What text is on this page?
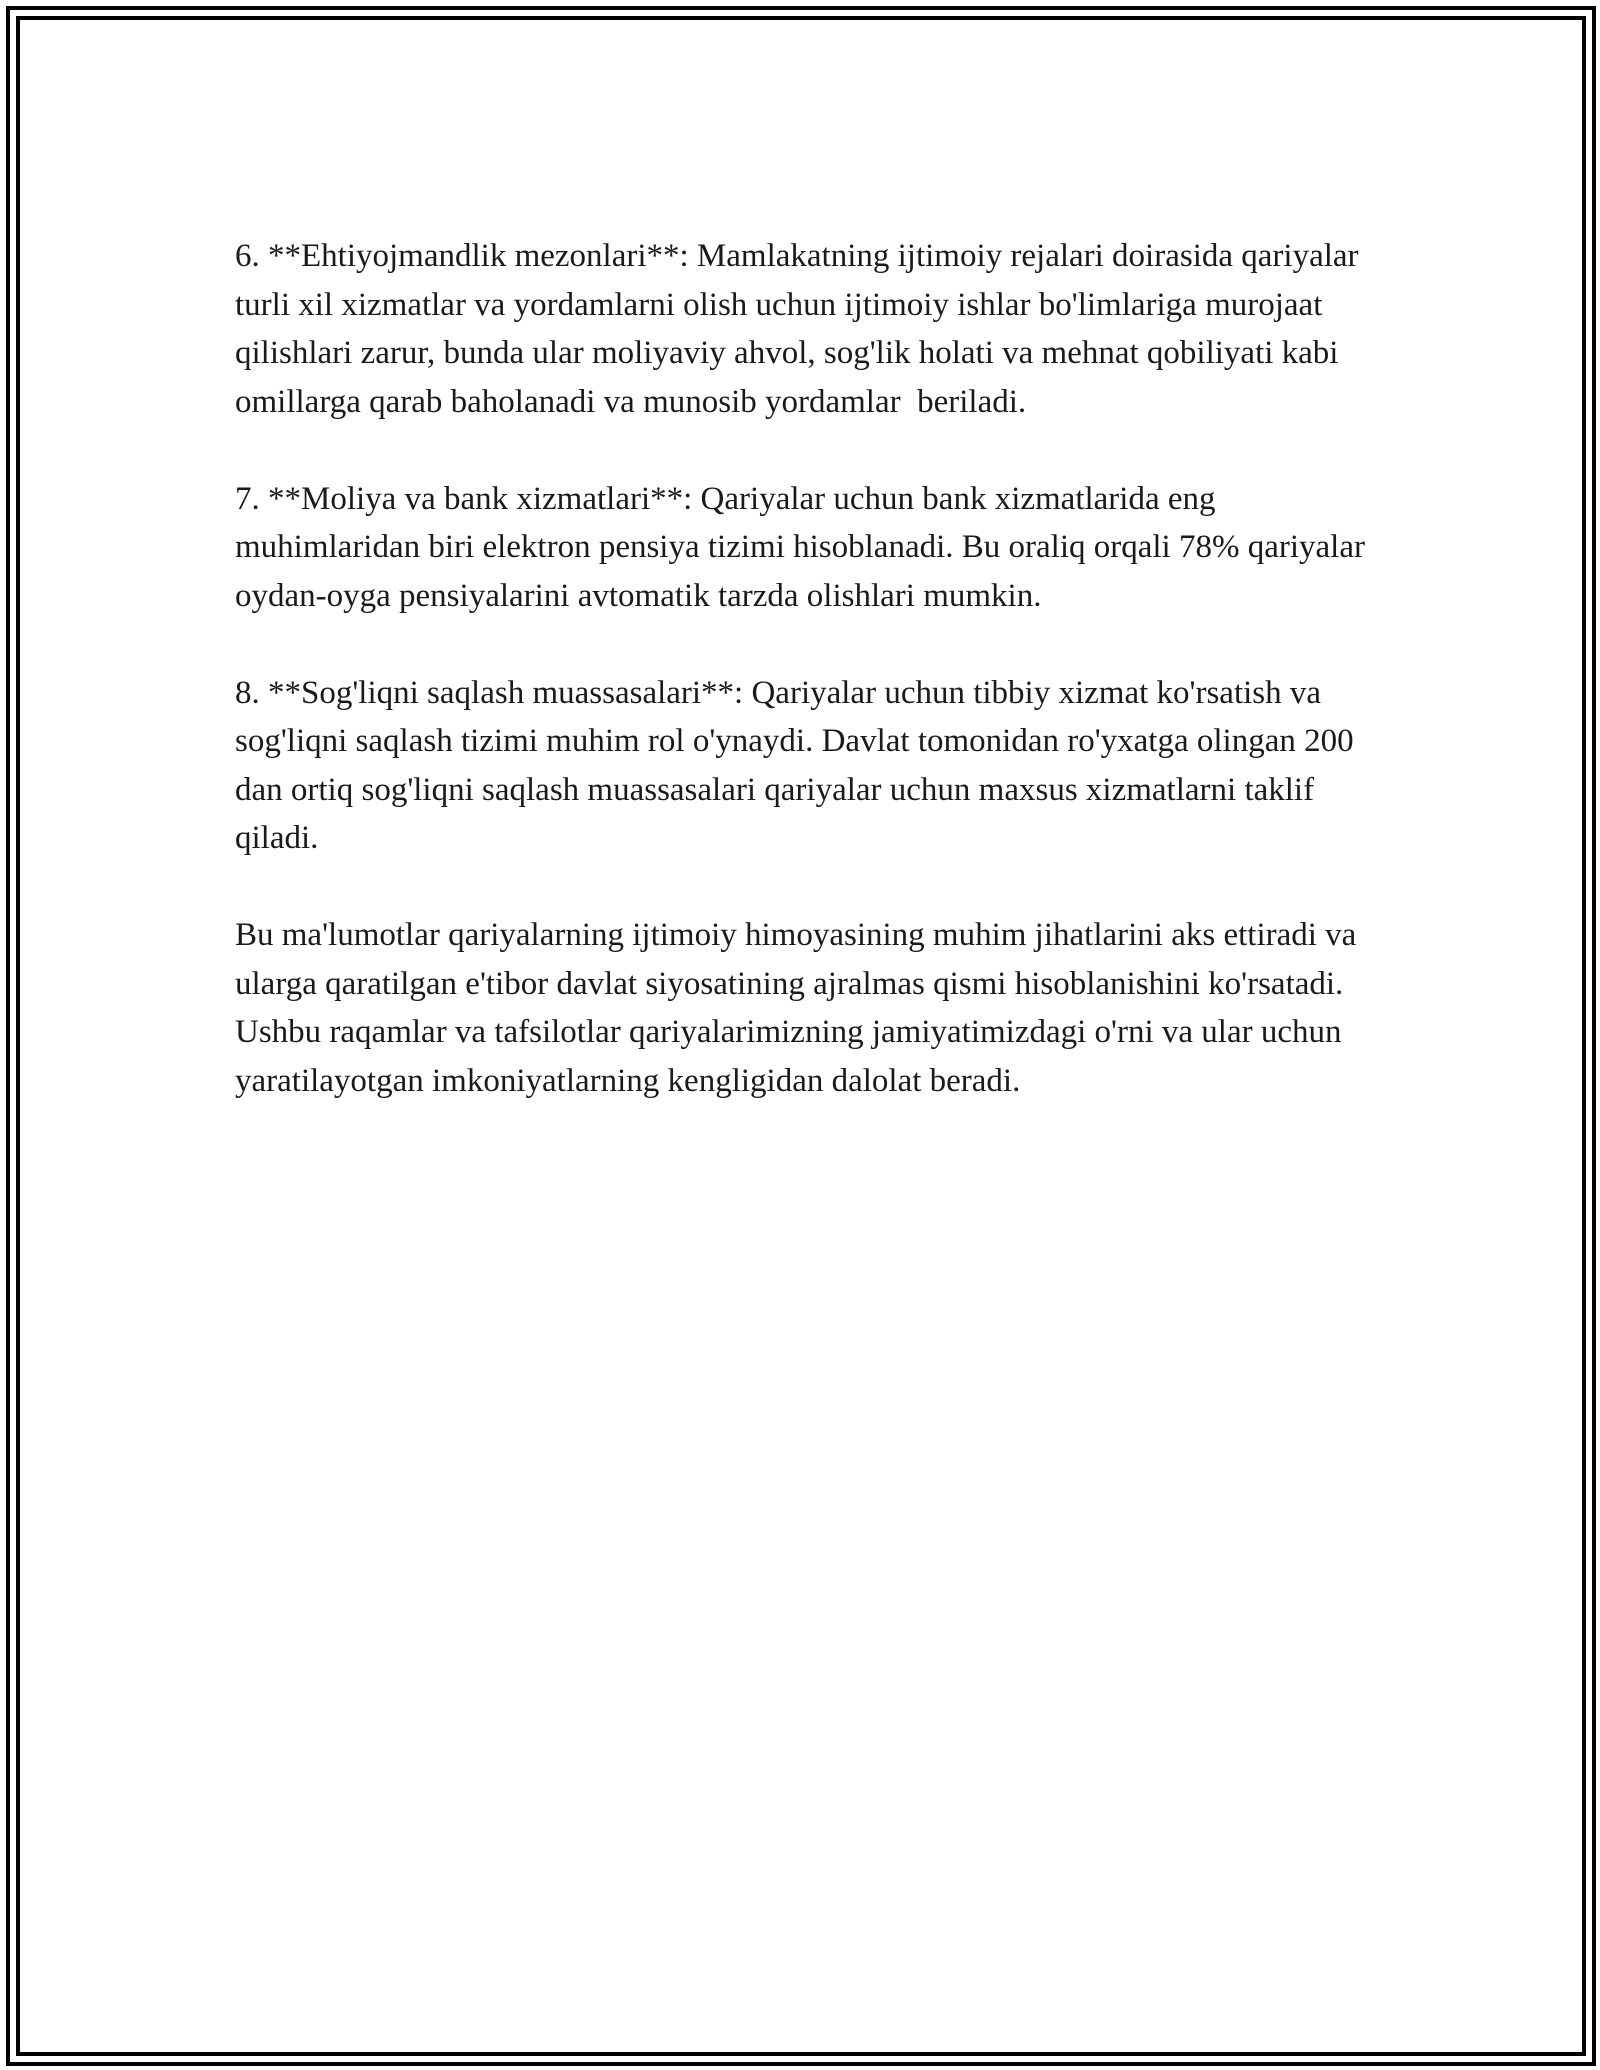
6. **Ehtiyojmandlik mezonlari**: Mamlakatning ijtimoiy rejalari doirasida qariyalar turli xil xizmatlar va yordamlarni olish uchun ijtimoiy ishlar bo'limlariga murojaat qilishlari zarur, bunda ular moliyaviy ahvol, sog'lik holati va mehnat qobiliyati kabi omillarga qarab baholanadi va munosib yordamlar  beriladi.

7. **Moliya va bank xizmatlari**: Qariyalar uchun bank xizmatlarida eng muhimlaridan biri elektron pensiya tizimi hisoblanadi. Bu oraliq orqali 78% qariyalar oydan-oyga pensiyalarini avtomatik tarzda olishlari mumkin.

8. **Sog'liqni saqlash muassasalari**: Qariyalar uchun tibbiy xizmat ko'rsatish va sog'liqni saqlash tizimi muhim rol o'ynaydi. Davlat tomonidan ro'yxatga olingan 200 dan ortiq sog'liqni saqlash muassasalari qariyalar uchun maxsus xizmatlarni taklif qiladi.

Bu ma'lumotlar qariyalarning ijtimoiy himoyasining muhim jihatlarini aks ettiradi va ularga qaratilgan e'tibor davlat siyosatining ajralmas qismi hisoblanishini ko'rsatadi. Ushbu raqamlar va tafsilotlar qariyalarimizning jamiyatimizdagi o'rni va ular uchun yaratilayotgan imkoniyatlarning kengligidan dalolat beradi.
